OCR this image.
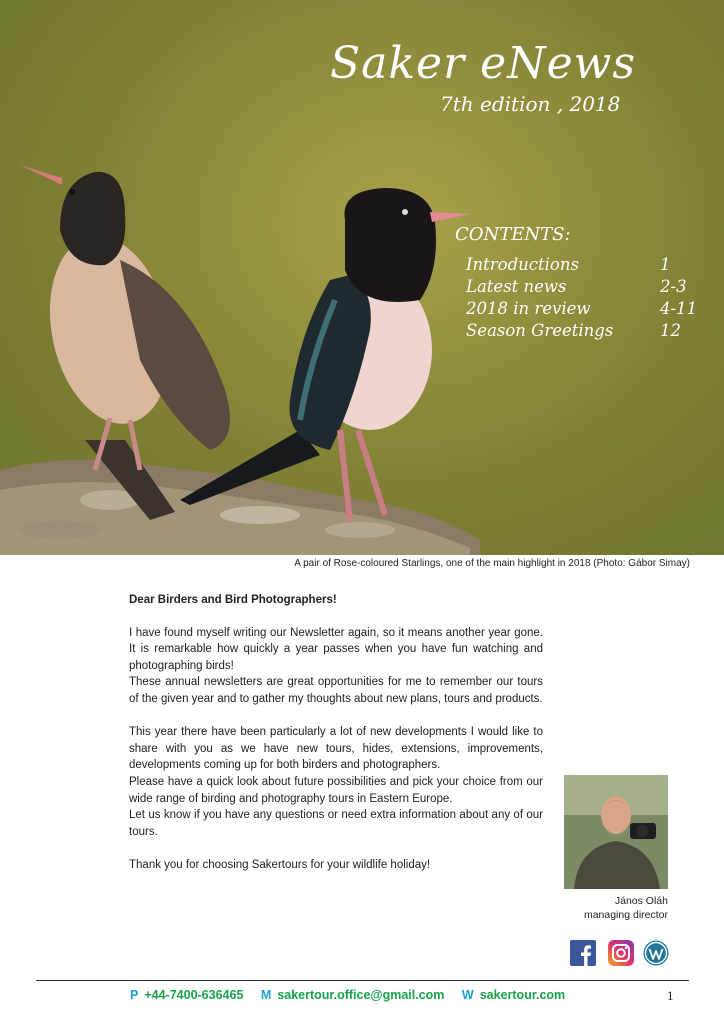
Saker eNews
7th edition , 2018
CONTENTS:
Introductions	1
Latest news	2-3
2018 in review	4-11
Season Greetings	12
A pair of Rose-coloured Starlings, one of the main highlight in 2018 (Photo: Gábor Simay)
Dear Birders and Bird Photographers!

I have found myself writing our Newsletter again, so it means another year gone. It is remarkable how quickly a year passes when you have fun watching and photographing birds!

These annual newsletters are great opportunities for me to remember our tours of the given year and to gather my thoughts about new plans, tours and products.

This year there have been particularly a lot of new developments I would like to share with you as we have new tours, hides, extensions, improvements, developments coming up for both birders and photographers.

Please have a quick look about future possibilities and pick your choice from our wide range of birding and photography tours in Eastern Europe.

Let us know if you have any questions or need extra information about any of our tours.

Thank you for choosing Sakertours for your wildlife holiday!

János Oláh
managing director
P +44-7400-636465 M sakertour.office@gmail.com W sakertour.com	1
